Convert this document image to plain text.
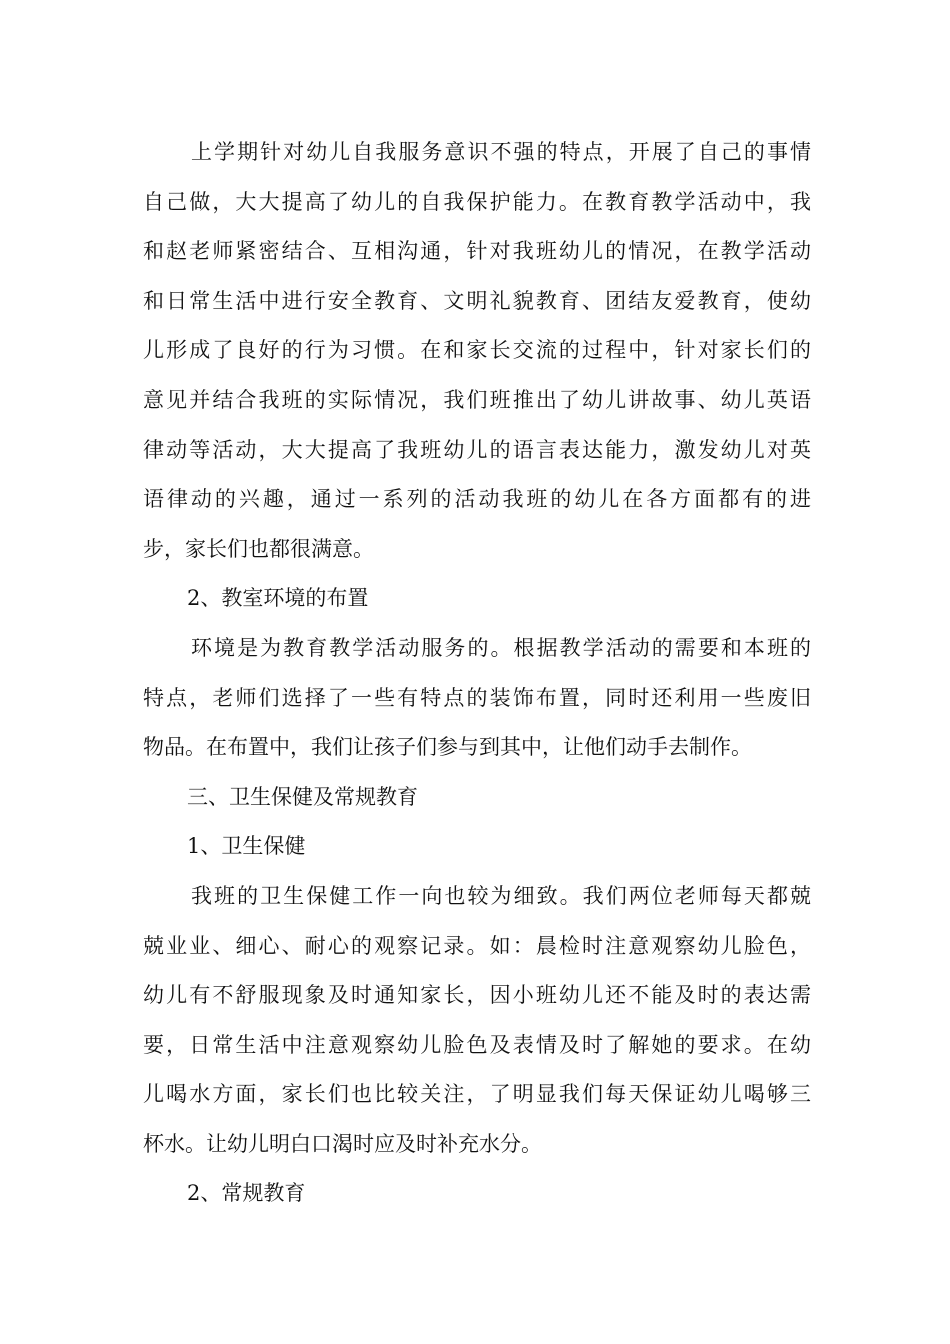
上学期针对幼儿自我服务意识不强的特点，开展了自己的事情
自己做，大大提高了幼儿的自我保护能力。在教育教学活动中，我
和赵老师紧密结合、互相沟通，针对我班幼儿的情况，在教学活动
和日常生活中进行安全教育、文明礼貌教育、团结友爱教育，使幼
儿形成了良好的行为习惯。在和家长交流的过程中，针对家长们的
意见并结合我班的实际情况，我们班推出了幼儿讲故事、幼儿英语
律动等活动，大大提高了我班幼儿的语言表达能力，激发幼儿对英
语律动的兴趣，通过一系列的活动我班的幼儿在各方面都有的进
步，家长们也都很满意。
2、教室环境的布置
环境是为教育教学活动服务的。根据教学活动的需要和本班的
特点，老师们选择了一些有特点的装饰布置，同时还利用一些废旧
物品。在布置中，我们让孩子们参与到其中，让他们动手去制作。
三、卫生保健及常规教育
1、卫生保健
我班的卫生保健工作一向也较为细致。我们两位老师每天都兢
兢业业、细心、耐心的观察记录。如：晨检时注意观察幼儿脸色，
幼儿有不舒服现象及时通知家长，因小班幼儿还不能及时的表达需
要，日常生活中注意观察幼儿脸色及表情及时了解她的要求。在幼
儿喝水方面，家长们也比较关注，了明显我们每天保证幼儿喝够三
杯水。让幼儿明白口渴时应及时补充水分。
2、常规教育
